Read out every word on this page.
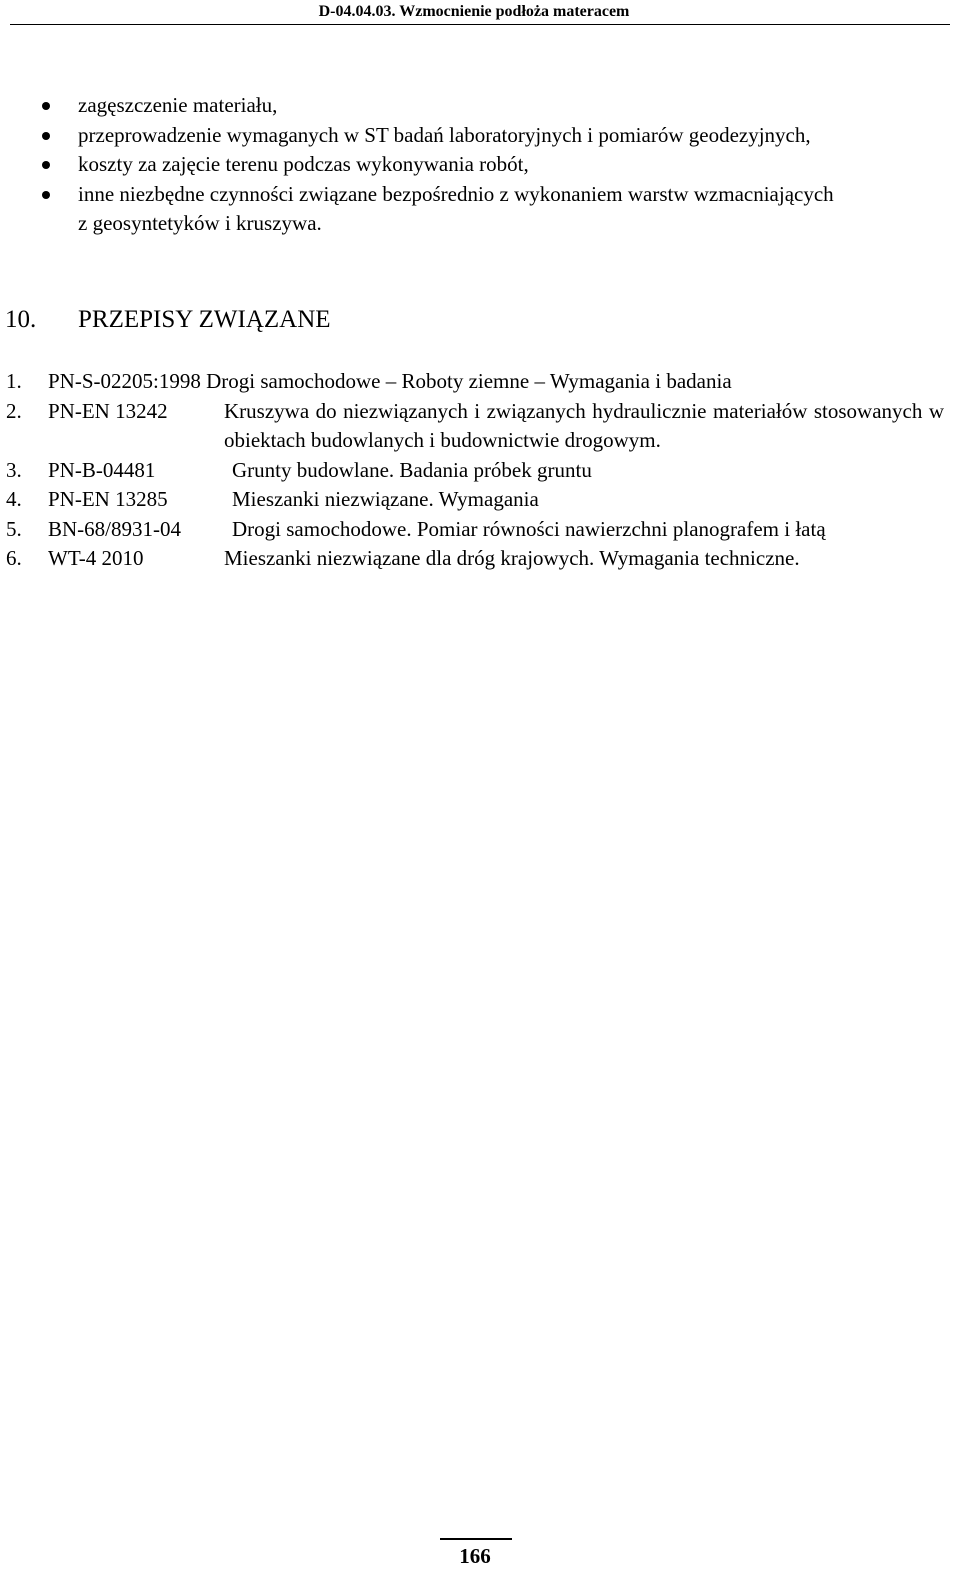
D-04.04.03. Wzmocnienie podłoża materacem
zagęszczenie materiału,
przeprowadzenie wymaganych w ST badań laboratoryjnych i pomiarów geodezyjnych,
koszty za zajęcie terenu podczas wykonywania robót,
inne niezbędne czynności związane bezpośrednio z wykonaniem warstw wzmacniających z geosyntetyków i kruszywa.
10. PRZEPISY ZWIĄZANE
1. PN-S-02205:1998 Drogi samochodowe – Roboty ziemne – Wymagania i badania
2. PN-EN 13242	Kruszywa do niezwiązanych i związanych hydraulicznie materiałów stosowanych w obiektach budowlanych i budownictwie drogowym.
3. PN-B-04481	Grunty budowlane. Badania próbek gruntu
4. PN-EN 13285	Mieszanki niezwiązane. Wymagania
5. BN-68/8931-04 Drogi samochodowe. Pomiar równości nawierzchni planografem i łatą
6. WT-4 2010	Mieszanki niezwiązane dla dróg krajowych. Wymagania techniczne.
166
